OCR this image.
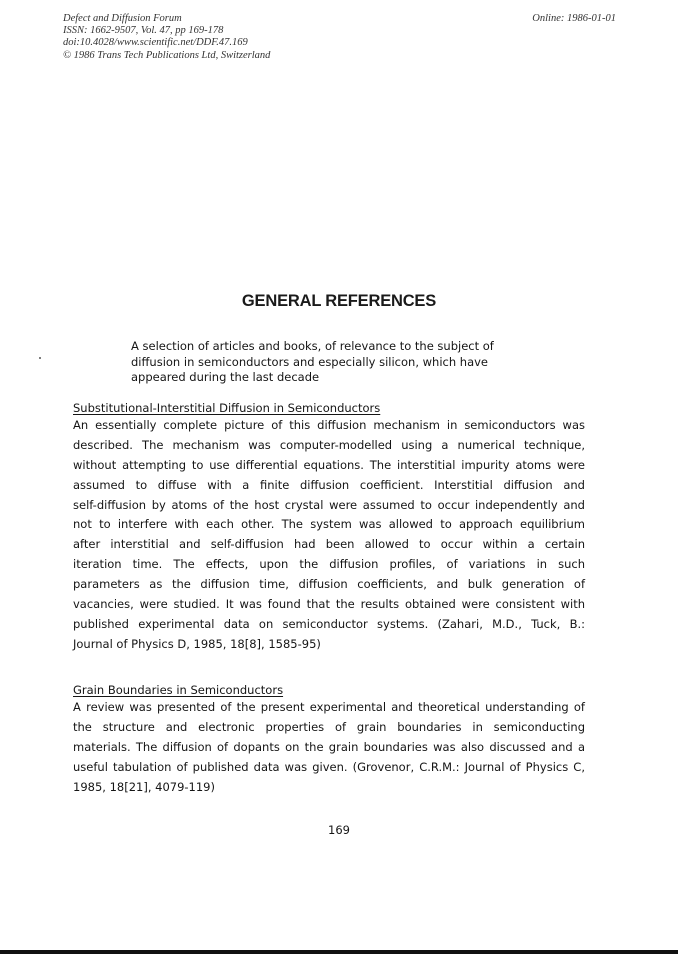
Defect and Diffusion Forum
ISSN: 1662-9507, Vol. 47, pp 169-178
doi:10.4028/www.scientific.net/DDF.47.169
© 1986 Trans Tech Publications Ltd, Switzerland
Online: 1986-01-01
GENERAL REFERENCES
A selection of articles and books, of relevance to the subject of
diffusion in semiconductors and especially silicon, which have
appeared during the last decade
Substitutional-Interstitial Diffusion in Semiconductors
An essentially complete picture of this diffusion mechanism in semiconductors was
described. The mechanism was computer-modelled using a numerical technique,
without attempting to use differential equations. The interstitial impurity atoms were
assumed to diffuse with a finite diffusion coefficient. Interstitial diffusion and
self-diffusion by atoms of the host crystal were assumed to occur independently and
not to interfere with each other. The system was allowed to approach equilibrium
after interstitial and self-diffusion had been allowed to occur within a certain
iteration time. The effects, upon the diffusion profiles, of variations in such
parameters as the diffusion time, diffusion coefficients, and bulk generation of
vacancies, were studied. It was found that the results obtained were consistent with
published experimental data on semiconductor systems. (Zahari, M.D., Tuck, B.:
Journal of Physics D, 1985, 18[8], 1585-95)
Grain Boundaries in Semiconductors
A review was presented of the present experimental and theoretical understanding of
the structure and electronic properties of grain boundaries in semiconducting
materials. The diffusion of dopants on the grain boundaries was also discussed and a
useful tabulation of published data was given. (Grovenor, C.R.M.: Journal of Physics C,
1985, 18[21], 4079-119)
169
